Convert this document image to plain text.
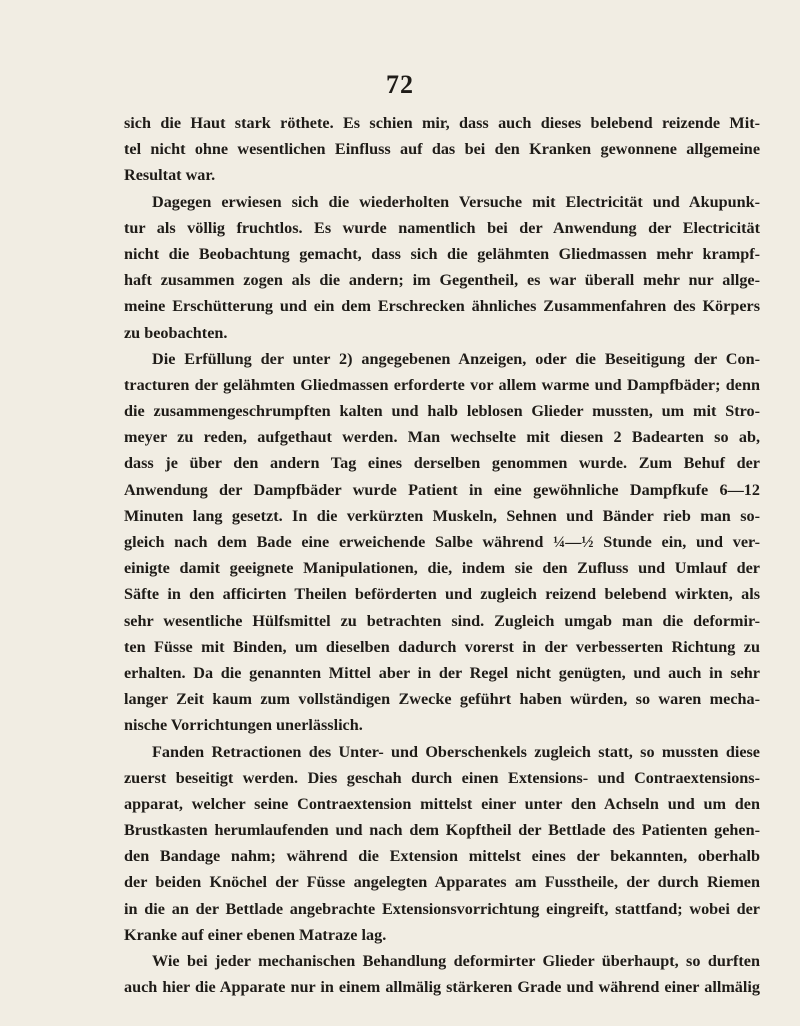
72
sich die Haut stark röthete. Es schien mir, dass auch dieses belebend reizende Mit-
tel nicht ohne wesentlichen Einfluss auf das bei den Kranken gewonnene allgemeine
Resultat war.
Dagegen erwiesen sich die wiederholten Versuche mit Electricität und Akupunk-
tur als völlig fruchtlos. Es wurde namentlich bei der Anwendung der Electricität
nicht die Beobachtung gemacht, dass sich die gelähmten Gliedmassen mehr krampf-
haft zusammen zogen als die andern; im Gegentheil, es war überall mehr nur allge-
meine Erschütterung und ein dem Erschrecken ähnliches Zusammenfahren des Körpers
zu beobachten.
Die Erfüllung der unter 2) angegebenen Anzeigen, oder die Beseitigung der Con-
tracturen der gelähmten Gliedmassen erforderte vor allem warme und Dampfbäder; denn
die zusammengeschrumpften kalten und halb leblosen Glieder mussten, um mit Stro-
meyer zu reden, aufgethaut werden. Man wechselte mit diesen 2 Badearten so ab,
dass je über den andern Tag eines derselben genommen wurde. Zum Behuf der
Anwendung der Dampfbäder wurde Patient in eine gewöhnliche Dampfkufe 6—12
Minuten lang gesetzt. In die verkürzten Muskeln, Sehnen und Bänder rieb man so-
gleich nach dem Bade eine erweichende Salbe während ¼—½ Stunde ein, und ver-
einigte damit geeignete Manipulationen, die, indem sie den Zufluss und Umlauf der
Säfte in den afficirten Theilen beförderten und zugleich reizend belebend wirkten, als
sehr wesentliche Hülfsmittel zu betrachten sind. Zugleich umgab man die deformir-
ten Füsse mit Binden, um dieselben dadurch vorerst in der verbesserten Richtung zu
erhalten. Da die genannten Mittel aber in der Regel nicht genügten, und auch in sehr
langer Zeit kaum zum vollständigen Zwecke geführt haben würden, so waren mecha-
nische Vorrichtungen unerlässlich.
Fanden Retractionen des Unter- und Oberschenkels zugleich statt, so mussten diese
zuerst beseitigt werden. Dies geschah durch einen Extensions- und Contraextensions-
apparat, welcher seine Contraextension mittelst einer unter den Achseln und um den
Brustkasten herumlaufenden und nach dem Kopftheil der Bettlade des Patienten gehen-
den Bandage nahm; während die Extension mittelst eines der bekannten, oberhalb
der beiden Knöchel der Füsse angelegten Apparates am Fusstheile, der durch Riemen
in die an der Bettlade angebrachte Extensionsvorrichtung eingreift, stattfand; wobei der
Kranke auf einer ebenen Matraze lag.
Wie bei jeder mechanischen Behandlung deformirter Glieder überhaupt, so durften
auch hier die Apparate nur in einem allmälig stärkeren Grade und während einer allmälig
